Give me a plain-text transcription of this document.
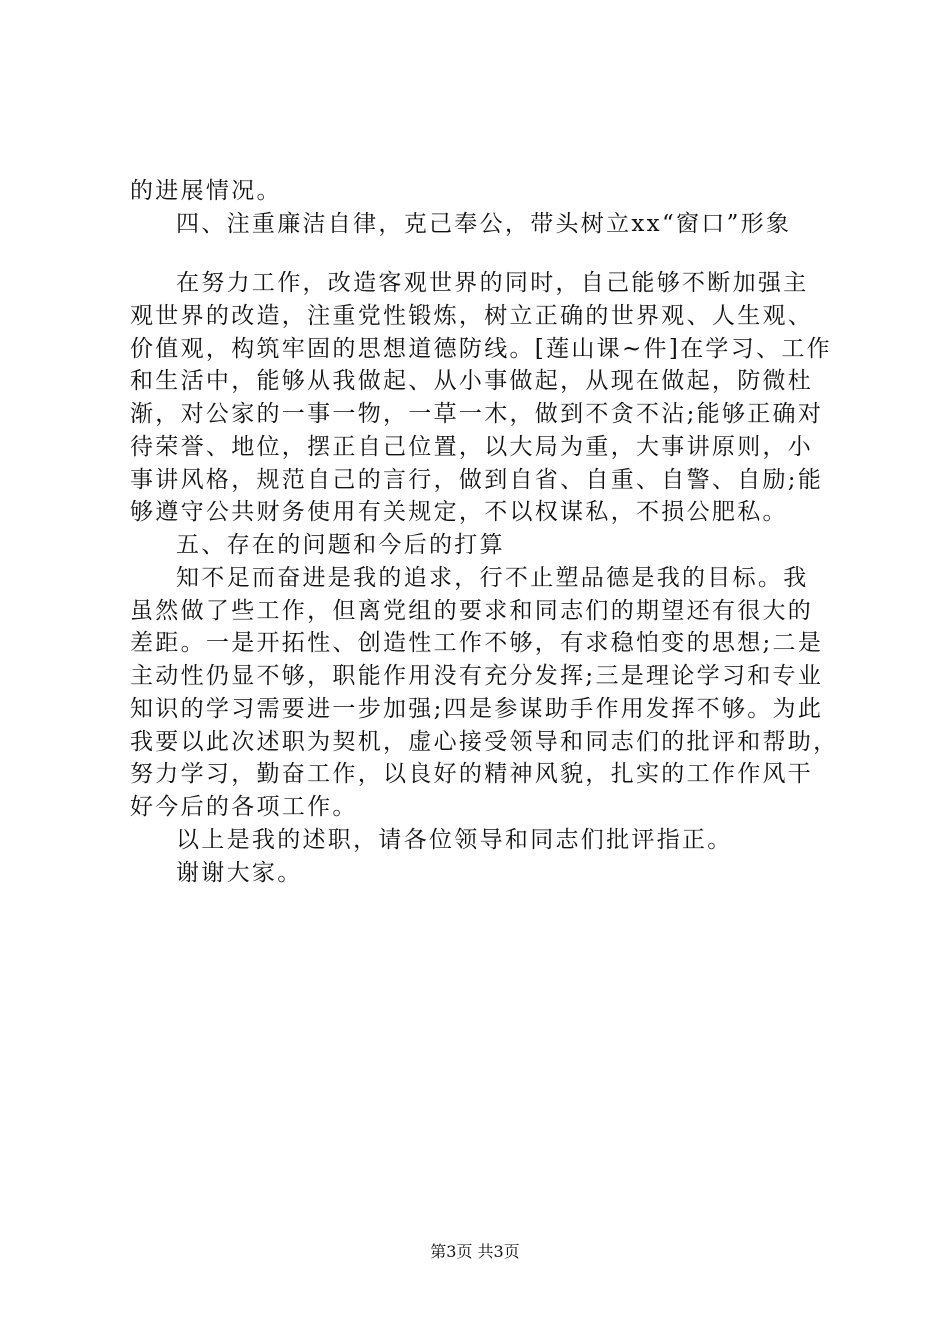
的进展情况。
四、注重廉洁自律，克己奉公，带头树立xx“窗口”形象
在努力工作，改造客观世界的同时，自己能够不断加强主
观世界的改造，注重党性锻炼，树立正确的世界观、人生观、
价值观，构筑牢固的思想道德防线。[莲山课~件]在学习、工作
和生活中，能够从我做起、从小事做起，从现在做起，防微杜
渐，对公家的一事一物，一草一木，做到不贪不沾;能够正确对
待荣誉、地位，摆正自己位置，以大局为重，大事讲原则，小
事讲风格，规范自己的言行，做到自省、自重、自警、自励;能
够遵守公共财务使用有关规定，不以权谋私，不损公肥私。
五、存在的问题和今后的打算
知不足而奋进是我的追求，行不止塑品德是我的目标。我
虽然做了些工作，但离党组的要求和同志们的期望还有很大的
差距。一是开拓性、创造性工作不够，有求稳怕变的思想;二是
主动性仍显不够，职能作用没有充分发挥;三是理论学习和专业
知识的学习需要进一步加强;四是参谋助手作用发挥不够。为此
我要以此次述职为契机，虚心接受领导和同志们的批评和帮助，
努力学习，勤奋工作，以良好的精神风貌，扎实的工作作风干
好今后的各项工作。
以上是我的述职，请各位领导和同志们批评指正。
谢谢大家。
第3页 共3页
